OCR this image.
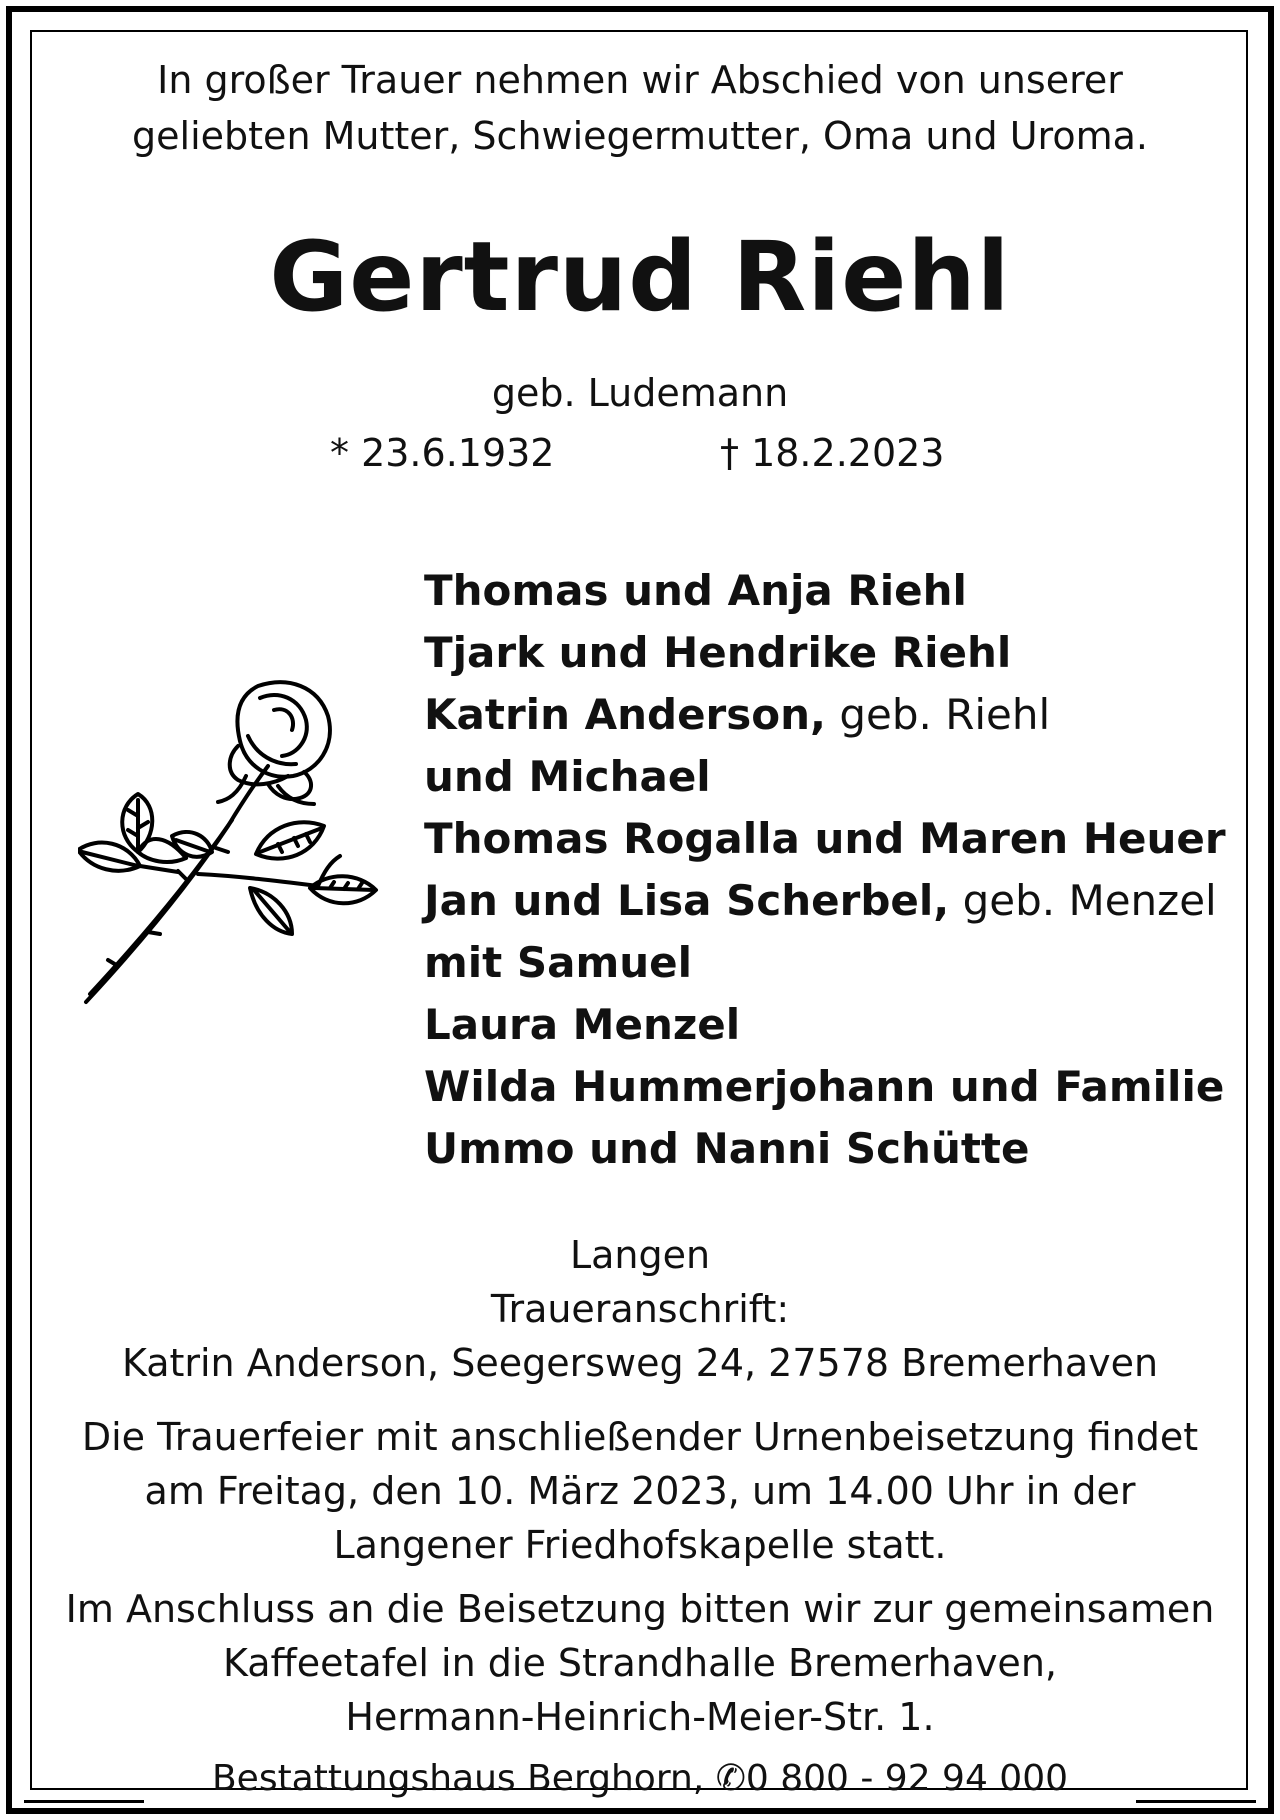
In großer Trauer nehmen wir Abschied von unserer
geliebten Mutter, Schwiegermutter, Oma und Uroma.
Gertrud Riehl
geb. Ludemann
* 23.6.1932	† 18.2.2023
Thomas und Anja Riehl
Tjark und Hendrike Riehl
Katrin Anderson, geb. Riehl
und Michael
Thomas Rogalla und Maren Heuer
Jan und Lisa Scherbel, geb. Menzel
mit Samuel
Laura Menzel
Wilda Hummerjohann und Familie
Ummo und Nanni Schütte
Langen
Traueranschrift:
Katrin Anderson, Seegersweg 24, 27578 Bremerhaven
Die Trauerfeier mit anschließender Urnenbeisetzung findet
am Freitag, den 10. März 2023, um 14.00 Uhr in der
Langener Friedhofskapelle statt.
Im Anschluss an die Beisetzung bitten wir zur gemeinsamen
Kaffeetafel in die Strandhalle Bremerhaven,
Hermann-Heinrich-Meier-Str. 1.
Bestattungshaus Berghorn, ✆0 800 - 92 94 000
